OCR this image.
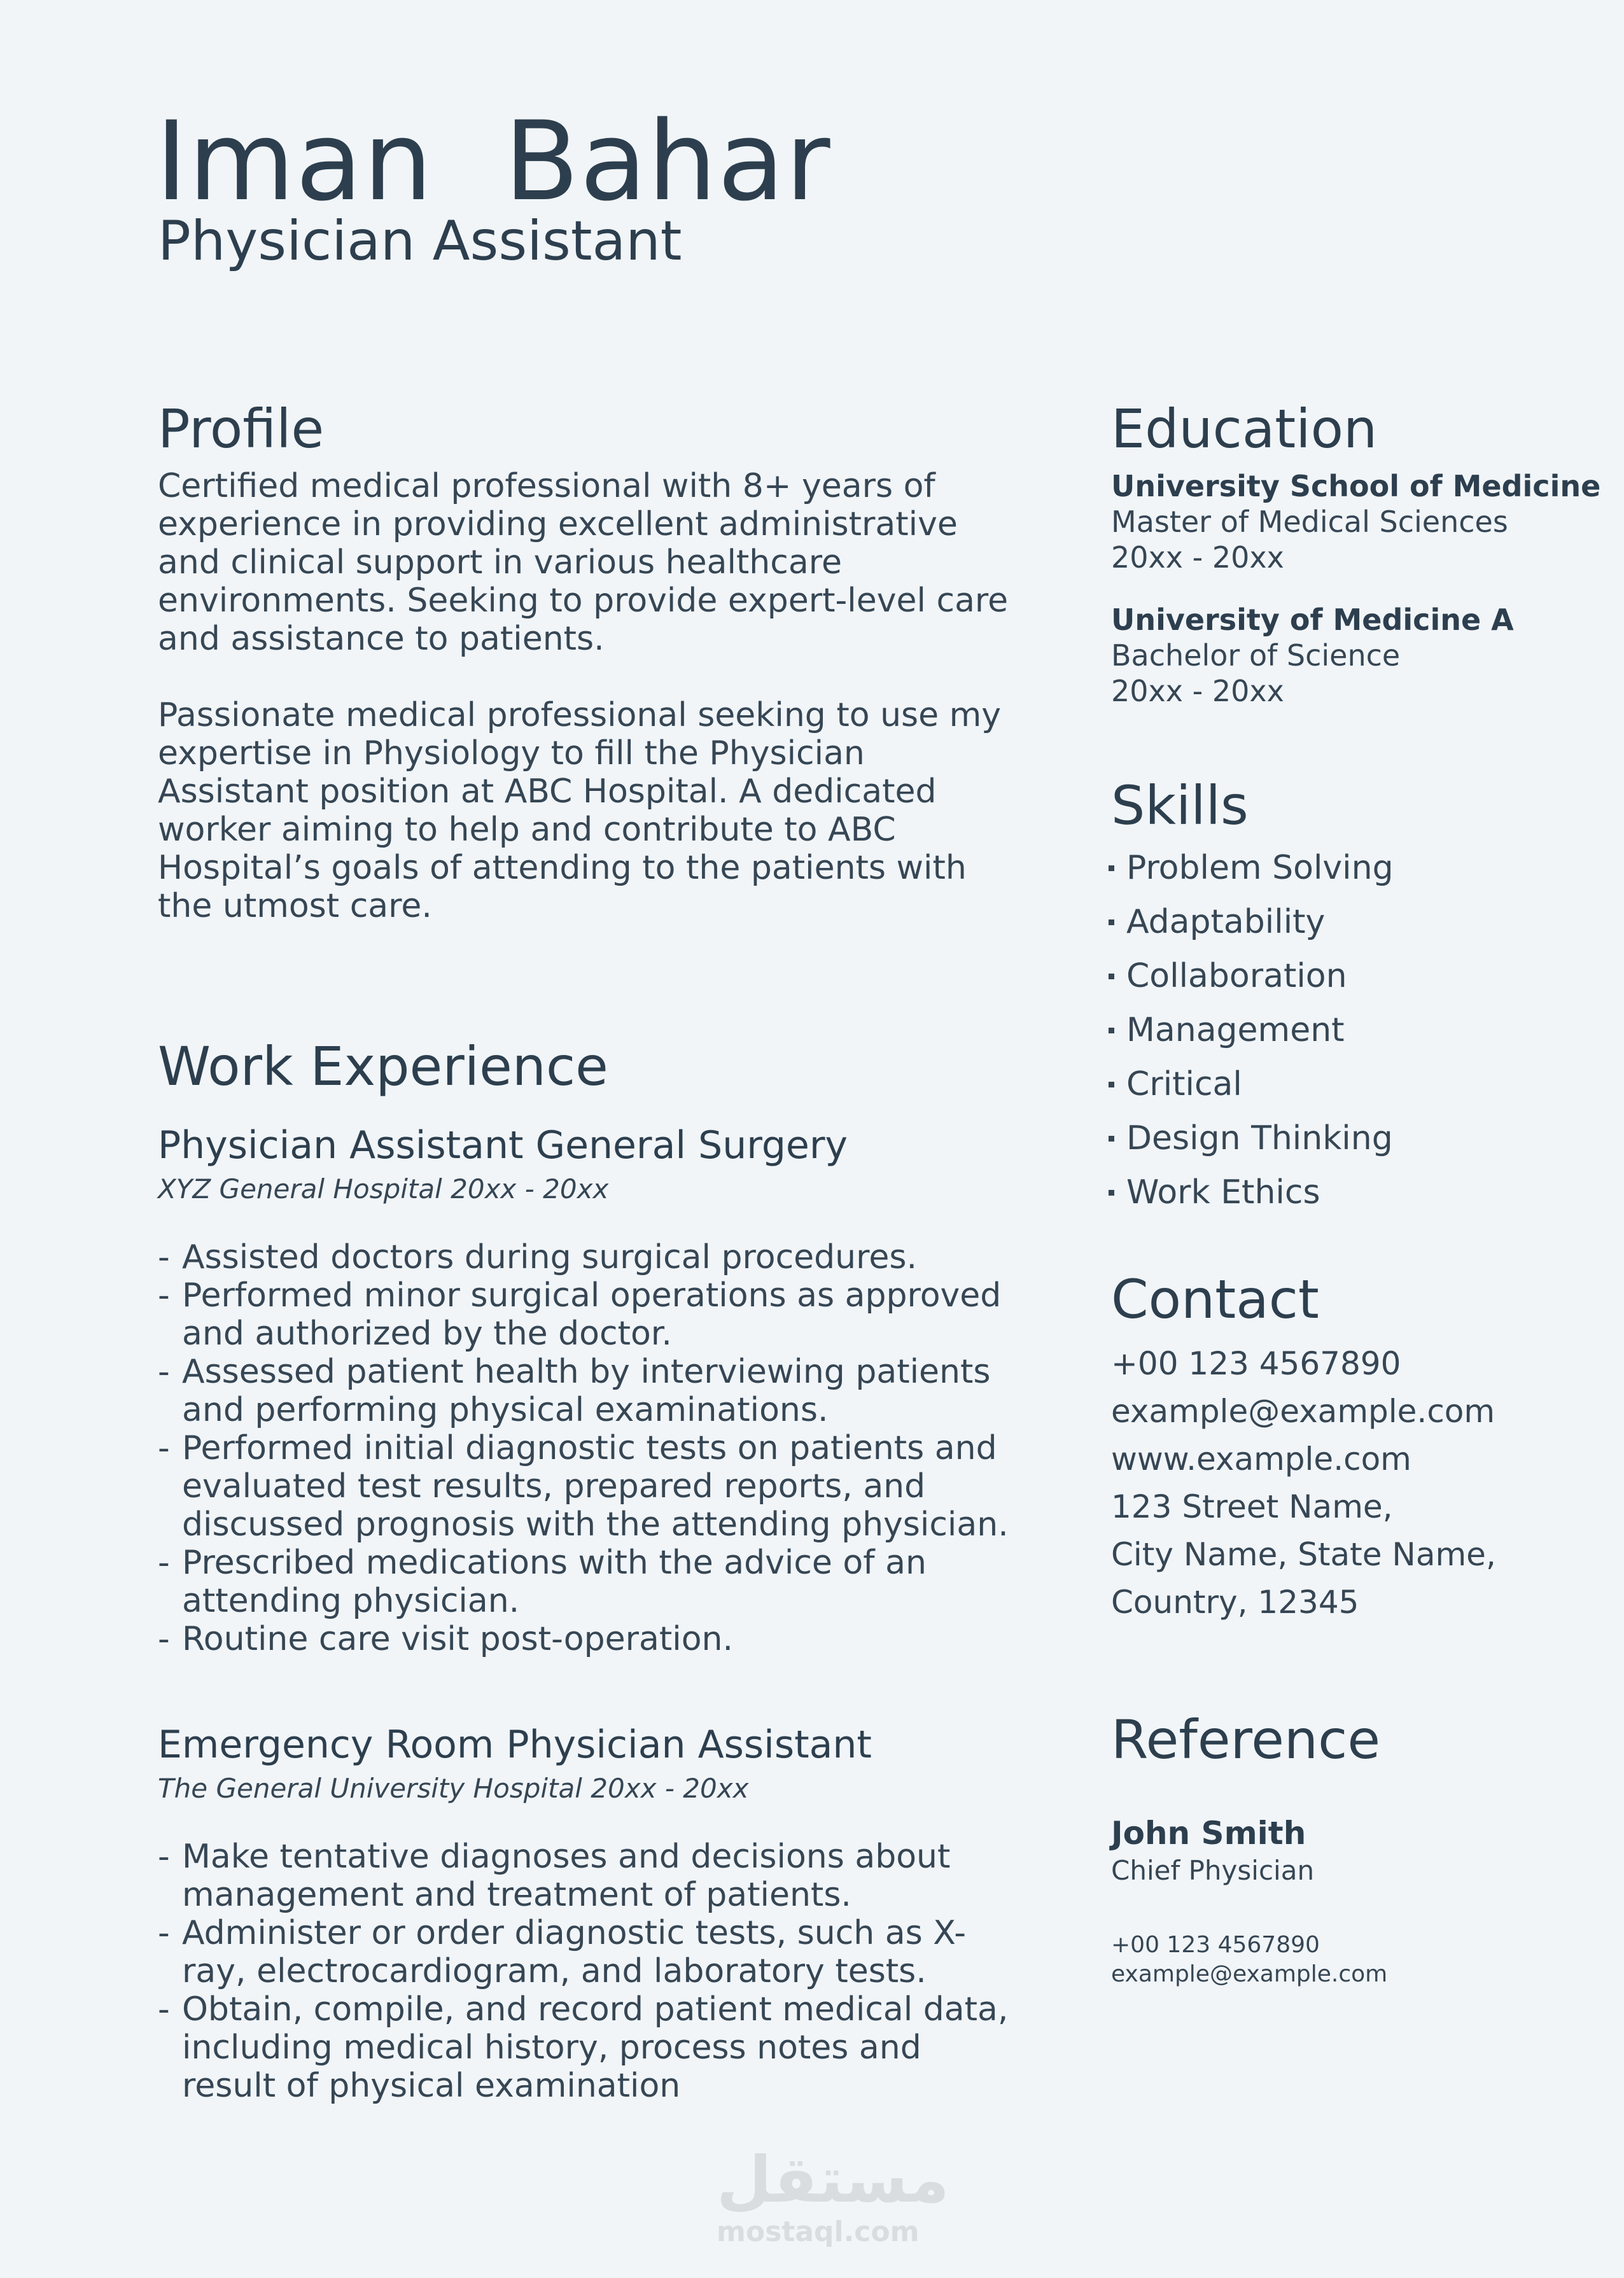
Iman  Bahar
Physician Assistant
Profile
Certified medical professional with 8+ years of experience in providing excellent administrative and clinical support in various healthcare environments. Seeking to provide expert-level care and assistance to patients.
Passionate medical professional seeking to use my expertise in Physiology to fill the Physician Assistant position at ABC Hospital. A dedicated worker aiming to help and contribute to ABC Hospital’s goals of attending to the patients with the utmost care.
Work Experience
Physician Assistant General Surgery
XYZ General Hospital 20xx - 20xx
- Assisted doctors during surgical procedures.
- Performed minor surgical operations as approved and authorized by the doctor.
- Assessed patient health by interviewing patients and performing physical examinations.
- Performed initial diagnostic tests on patients and evaluated test results, prepared reports, and discussed prognosis with the attending physician.
- Prescribed medications with the advice of an attending physician.
- Routine care visit post-operation.
Emergency Room Physician Assistant
The General University Hospital 20xx - 20xx
- Make tentative diagnoses and decisions about management and treatment of patients.
- Administer or order diagnostic tests, such as X-ray, electrocardiogram, and laboratory tests.
- Obtain, compile, and record patient medical data, including medical history, process notes and result of physical examination
Education
University School of Medicine
Master of Medical Sciences
20xx - 20xx
University of Medicine A
Bachelor of Science
20xx - 20xx
Skills
Problem Solving
Adaptability
Collaboration
Management
Critical
Design Thinking
Work Ethics
Contact
+00 123 4567890
example@example.com
www.example.com
123 Street Name,
City Name, State Name,
Country, 12345
Reference
John Smith
Chief Physician
+00 123 4567890
example@example.com
مستقل
mostaql.com
